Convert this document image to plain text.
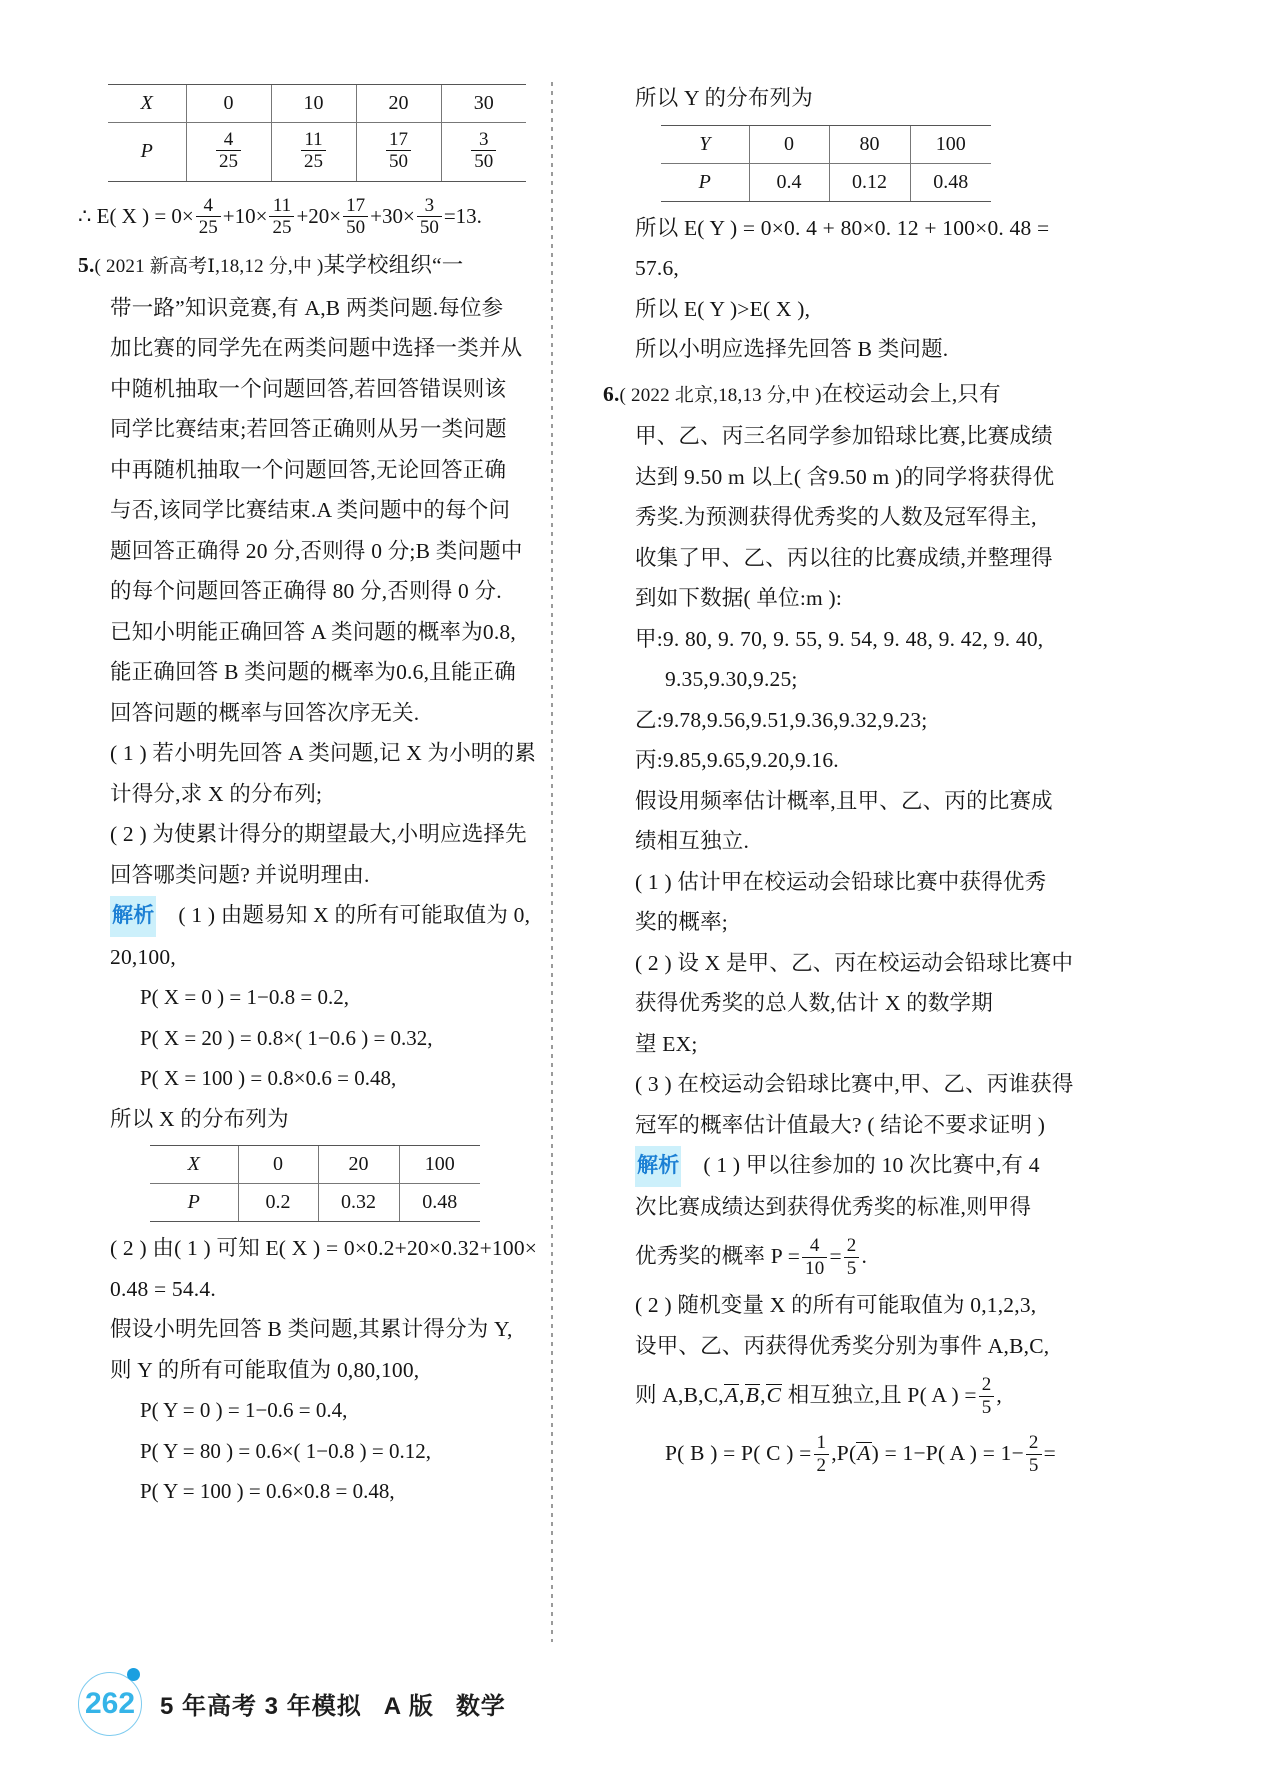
X	0	10	20	30
P	$\frac{4}{25}$	$\frac{11}{25}$	$\frac{17}{50}$	$\frac{3}{50}$
∴ E( X ) = $0\times \frac{4}{25} +10\times \frac{11}{25} +20\times \frac{17}{50} +30\times \frac{3}{50} =13$.
5.( 2021 新高考Ⅰ,18,12 分,中 )某学校组织“一
带一路”知识竞赛,有 A,B 两类问题.每位参
加比赛的同学先在两类问题中选择一类并从
中随机抽取一个问题回答,若回答错误则该
同学比赛结束;若回答正确则从另一类问题
中再随机抽取一个问题回答,无论回答正确
与否,该同学比赛结束.A 类问题中的每个问
题回答正确得 20 分,否则得 0 分;B 类问题中
的每个问题回答正确得 80 分,否则得 0 分.
已知小明能正确回答 A 类问题的概率为0.8,
能正确回答 B 类问题的概率为0.6,且能正确
回答问题的概率与回答次序无关.
( 1 ) 若小明先回答 A 类问题,记 X 为小明的累
计得分,求 X 的分布列;
( 2 ) 为使累计得分的期望最大,小明应选择先
回答哪类问题? 并说明理由.
解析 ( 1 ) 由题易知 X 的所有可能取值为 0,
20,100,
P( X = 0 ) = 1−0.8 = 0.2,
P( X = 20 ) = 0.8×( 1−0.6 ) = 0.32,
P( X = 100 ) = 0.8×0.6 = 0.48,
所以 X 的分布列为
X	0	20	100
P	0.2	0.32	0.48
( 2 ) 由( 1 ) 可知 E( X ) = 0×0.2+20×0.32+100×
0.48 = 54.4.
假设小明先回答 B 类问题,其累计得分为 Y,
则 Y 的所有可能取值为 0,80,100,
P( Y = 0 ) = 1−0.6 = 0.4,
P( Y = 80 ) = 0.6×( 1−0.8 ) = 0.12,
P( Y = 100 ) = 0.6×0.8 = 0.48,
所以 Y 的分布列为
Y	0	80	100
P	0.4	0.12	0.48
所以 E( Y ) = 0×0. 4 + 80×0. 12 + 100×0. 48 =
57.6,
所以 E( Y )>E( X ),
所以小明应选择先回答 B 类问题.
6.( 2022 北京,18,13 分,中 )在校运动会上,只有
甲、乙、丙三名同学参加铅球比赛,比赛成绩
达到 9.50 m 以上( 含9.50 m )的同学将获得优
秀奖.为预测获得优秀奖的人数及冠军得主,
收集了甲、乙、丙以往的比赛成绩,并整理得
到如下数据( 单位:m ):
甲:9. 80, 9. 70, 9. 55, 9. 54, 9. 48, 9. 42, 9. 40,
9.35,9.30,9.25;
乙:9.78,9.56,9.51,9.36,9.32,9.23;
丙:9.85,9.65,9.20,9.16.
假设用频率估计概率,且甲、乙、丙的比赛成
绩相互独立.
( 1 ) 估计甲在校运动会铅球比赛中获得优秀
奖的概率;
( 2 ) 设 X 是甲、乙、丙在校运动会铅球比赛中
获得优秀奖的总人数,估计 X 的数学期
望 EX;
( 3 ) 在校运动会铅球比赛中,甲、乙、丙谁获得
冠军的概率估计值最大? ( 结论不要求证明 )
解析 ( 1 ) 甲以往参加的 10 次比赛中,有 4
次比赛成绩达到获得优秀奖的标准,则甲得
优秀奖的概率 $P = \frac{4}{10} = \frac{2}{5}$ .
( 2 ) 随机变量 X 的所有可能取值为 0,1,2,3,
设甲、乙、丙获得优秀奖分别为事件 A,B,C,
则 A,B,C,A,B,C 相互独立,且 P( A ) = $\frac{2}{5}$ ,
P( B ) = P( C ) = $\frac{1}{2} ,P(A) = 1-P$( A ) = $1- \frac{2}{5}$ =
262 5 年高考 3 年模拟 A 版 数学
